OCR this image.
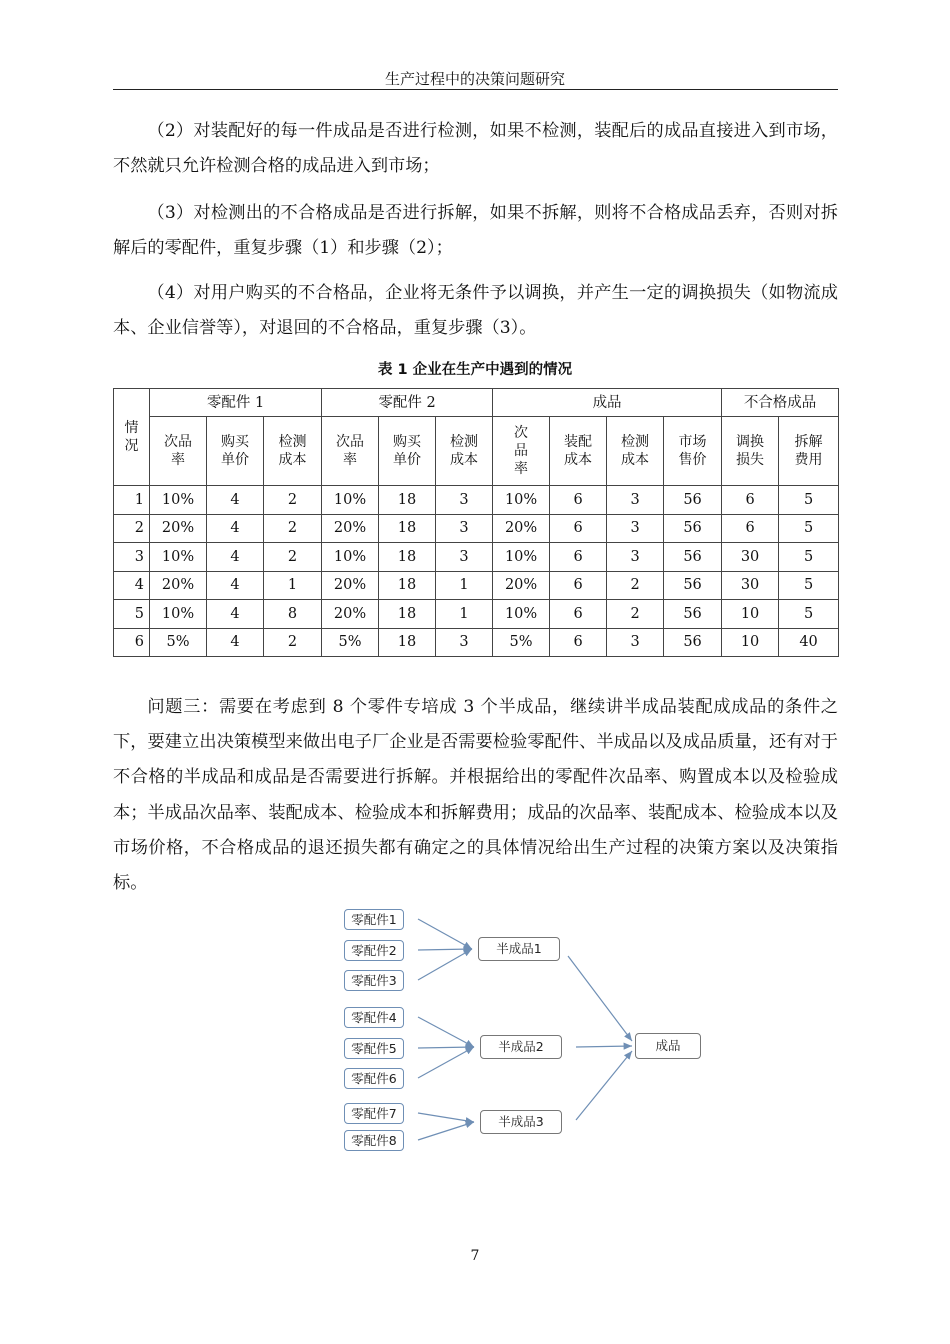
生产过程中的决策问题研究

（2）对装配好的每一件成品是否进行检测，如果不检测，装配后的成品直接进入到市场，不然就只允许检测合格的成品进入到市场；

（3）对检测出的不合格成品是否进行拆解，如果不拆解，则将不合格成品丢弃，否则对拆解后的零配件，重复步骤（1）和步骤（2）；

（4）对用户购买的不合格品，企业将无条件予以调换，并产生一定的调换损失（如物流成本、企业信誉等），对退回的不合格品，重复步骤（3）。

表 1 企业在生产中遇到的情况
情况	零配件 1			零配件 2			成品				不合格成品	
	次品率	购买单价	检测成本	次品率	购买单价	检测成本	次品率	装配成本	检测成本	市场售价	调换损失	拆解费用
1	10%	4	2	10%	18	3	10%	6	3	56	6	5
2	20%	4	2	20%	18	3	20%	6	3	56	6	5
3	10%	4	2	10%	18	3	10%	6	3	56	30	5
4	20%	4	1	20%	18	1	20%	6	2	56	30	5
5	10%	4	8	20%	18	1	10%	6	2	56	10	5
6	5%	4	2	5%	18	3	5%	6	3	56	10	40

问题三：需要在考虑到 8 个零件专培成 3 个半成品，继续讲半成品装配成成品的条件之下，要建立出决策模型来做出电子厂企业是否需要检验零配件、半成品以及成品质量，还有对于不合格的半成品和成品是否需要进行拆解。并根据给出的零配件次品率、购置成本以及检验成本；半成品次品率、装配成本、检验成本和拆解费用；成品的次品率、装配成本、检验成本以及市场价格，不合格成品的退还损失都有确定之的具体情况给出生产过程的决策方案以及决策指标。

零配件1
零配件2
零配件3
零配件4
零配件5
零配件6
零配件7
零配件8
半成品1
半成品2
半成品3
成品
7
